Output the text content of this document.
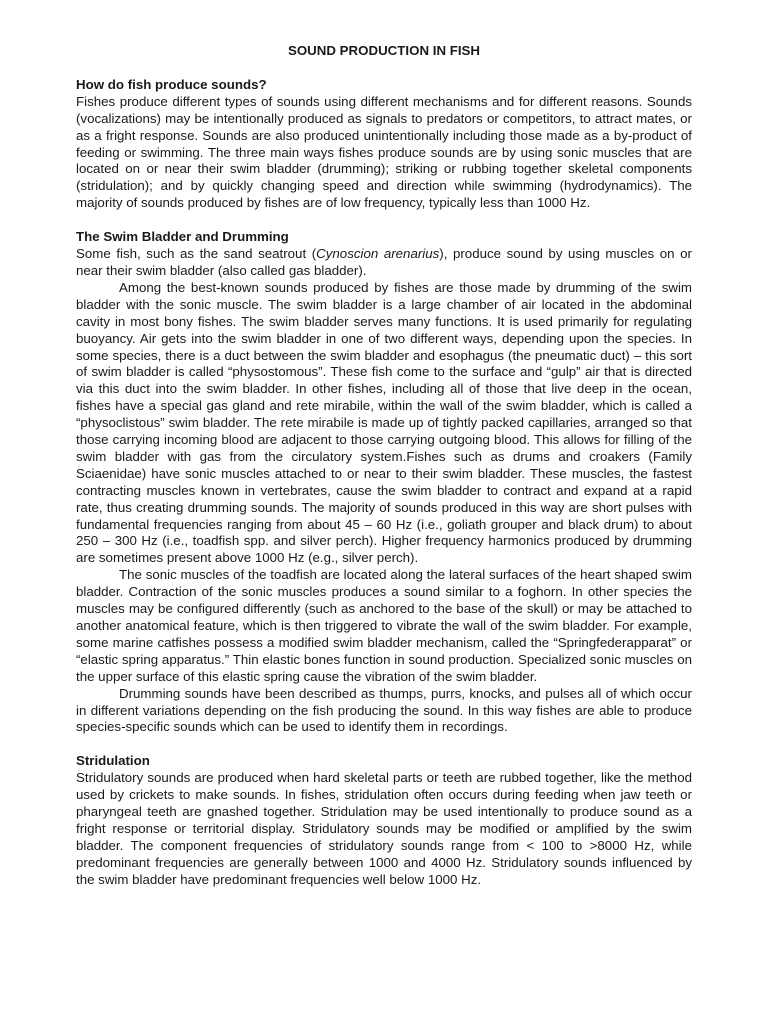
SOUND PRODUCTION IN FISH

How do fish produce sounds?

Fishes produce different types of sounds using different mechanisms and for different reasons. Sounds (vocalizations) may be intentionally produced as signals to predators or competitors, to attract mates, or as a fright response. Sounds are also produced unintentionally including those made as a by-product of feeding or swimming. The three main ways fishes produce sounds are by using sonic muscles that are located on or near their swim bladder (drumming); striking or rubbing together skeletal components (stridulation); and by quickly changing speed and direction while swimming (hydrodynamics). The majority of sounds produced by fishes are of low frequency, typically less than 1000 Hz.

The Swim Bladder and Drumming

Some fish, such as the sand seatrout (Cynoscion arenarius), produce sound by using muscles on or near their swim bladder (also called gas bladder).

Among the best-known sounds produced by fishes are those made by drumming of the swim bladder with the sonic muscle. The swim bladder is a large chamber of air located in the abdominal cavity in most bony fishes. The swim bladder serves many functions. It is used primarily for regulating buoyancy. Air gets into the swim bladder in one of two different ways, depending upon the species. In some species, there is a duct between the swim bladder and esophagus (the pneumatic duct) – this sort of swim bladder is called “physostomous”. These fish come to the surface and “gulp” air that is directed via this duct into the swim bladder. In other fishes, including all of those that live deep in the ocean, fishes have a special gas gland and rete mirabile, within the wall of the swim bladder, which is called a “physoclistous” swim bladder. The rete mirabile is made up of tightly packed capillaries, arranged so that those carrying incoming blood are adjacent to those carrying outgoing blood. This allows for filling of the swim bladder with gas from the circulatory system.Fishes such as drums and croakers (Family Sciaenidae) have sonic muscles attached to or near to their swim bladder. These muscles, the fastest contracting muscles known in vertebrates, cause the swim bladder to contract and expand at a rapid rate, thus creating drumming sounds. The majority of sounds produced in this way are short pulses with fundamental frequencies ranging from about 45 – 60 Hz (i.e., goliath grouper and black drum) to about 250 – 300 Hz (i.e., toadfish spp. and silver perch). Higher frequency harmonics produced by drumming are sometimes present above 1000 Hz (e.g., silver perch).

The sonic muscles of the toadfish are located along the lateral surfaces of the heart shaped swim bladder. Contraction of the sonic muscles produces a sound similar to a foghorn. In other species the muscles may be configured differently (such as anchored to the base of the skull) or may be attached to another anatomical feature, which is then triggered to vibrate the wall of the swim bladder. For example, some marine catfishes possess a modified swim bladder mechanism, called the “Springfederapparat” or “elastic spring apparatus.” Thin elastic bones function in sound production. Specialized sonic muscles on the upper surface of this elastic spring cause the vibration of the swim bladder.

Drumming sounds have been described as thumps, purrs, knocks, and pulses all of which occur in different variations depending on the fish producing the sound. In this way fishes are able to produce species-specific sounds which can be used to identify them in recordings.

Stridulation

Stridulatory sounds are produced when hard skeletal parts or teeth are rubbed together, like the method used by crickets to make sounds. In fishes, stridulation often occurs during feeding when jaw teeth or pharyngeal teeth are gnashed together. Stridulation may be used intentionally to produce sound as a fright response or territorial display. Stridulatory sounds may be modified or amplified by the swim bladder. The component frequencies of stridulatory sounds range from < 100 to >8000 Hz, while predominant frequencies are generally between 1000 and 4000 Hz. Stridulatory sounds influenced by the swim bladder have predominant frequencies well below 1000 Hz.
